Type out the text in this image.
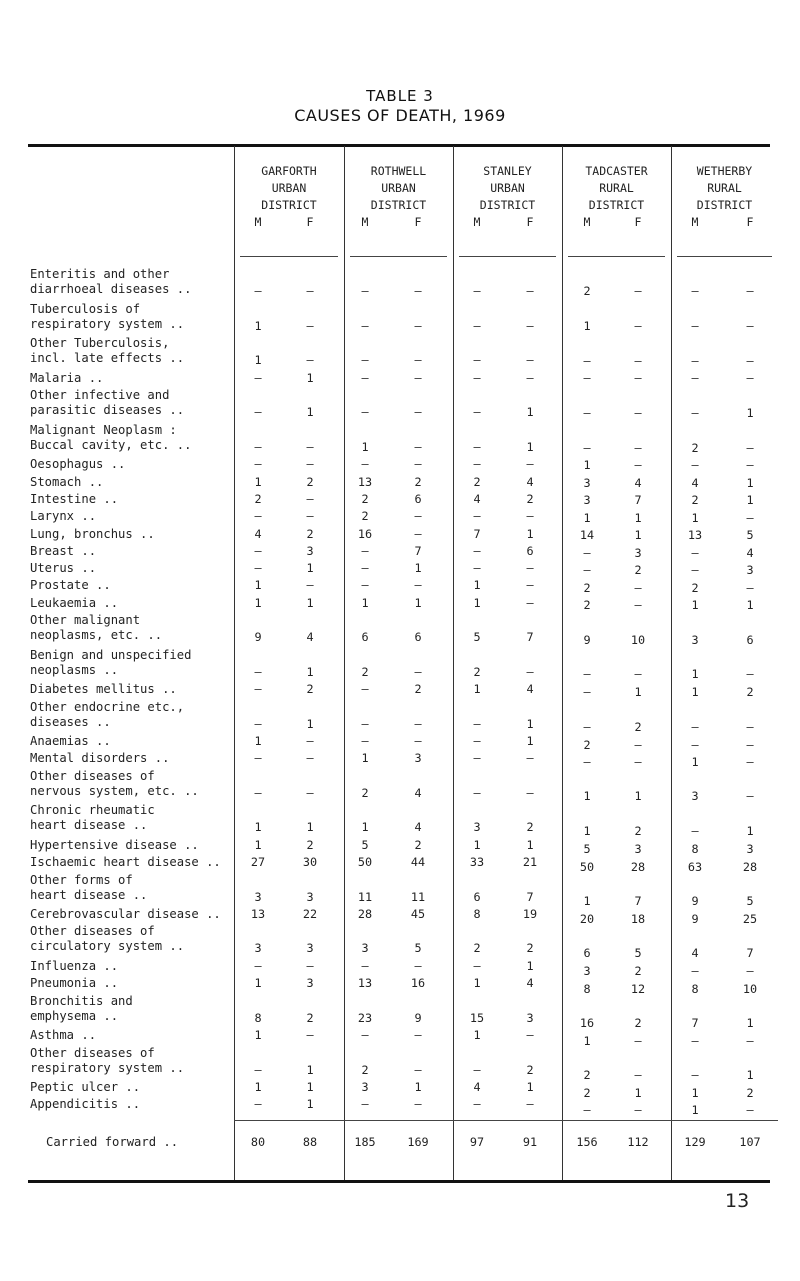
TABLE 3
CAUSES OF DEATH, 1969
GARFORTH
URBAN
DISTRICT
M	F
ROTHWELL
URBAN
DISTRICT
M	F
STANLEY
URBAN
DISTRICT
M	F
TADCASTER
RURAL
DISTRICT
M	F
WETHERBY
RURAL
DISTRICT
M	F
Enteritis and other
diarrhoeal diseases ..	—	—	—	—	—	—	2	—	—	—
Tuberculosis of
respiratory system ..	1	—	—	—	—	—	1	—	—	—
Other Tuberculosis,
incl. late effects ..	1	—	—	—	—	—	—	—	—	—
Malaria ..	—	1	—	—	—	—	—	—	—	—
Other infective and
parasitic diseases ..	—	1	—	—	—	1	—	—	—	1
Malignant Neoplasm :
Buccal cavity, etc. ..	—	—	1	—	—	1	—	—	2	—
Oesophagus ..	—	—	—	—	—	—	1	—	—	—
Stomach ..	1	2	13	2	2	4	3	4	4	1
Intestine ..	2	—	2	6	4	2	3	7	2	1
Larynx ..	—	—	2	—	—	—	1	1	1	—
Lung, bronchus ..	4	2	16	—	7	1	14	1	13	5
Breast ..	—	3	—	7	—	6	—	3	—	4
Uterus ..	—	1	—	1	—	—	—	2	—	3
Prostate ..	1	—	—	—	1	—	2	—	2	—
Leukaemia ..	1	1	1	1	1	—	2	—	1	1
Other malignant
neoplasms, etc. ..	9	4	6	6	5	7	9	10	3	6
Benign and unspecified
neoplasms ..	—	1	2	—	2	—	—	—	1	—
Diabetes mellitus ..	—	2	—	2	1	4	—	1	1	2
Other endocrine etc.,
diseases ..	—	1	—	—	—	1	—	2	—	—
Anaemias ..	1	—	—	—	—	1	2	—	—	—
Mental disorders ..	—	—	1	3	—	—	—	—	1	—
Other diseases of
nervous system, etc. ..	—	—	2	4	—	—	1	1	3	—
Chronic rheumatic
heart disease ..	1	1	1	4	3	2	1	2	—	1
Hypertensive disease ..	1	2	5	2	1	1	5	3	8	3
Ischaemic heart disease ..	27	30	50	44	33	21	50	28	63	28
Other forms of
heart disease ..	3	3	11	11	6	7	1	7	9	5
Cerebrovascular disease ..	13	22	28	45	8	19	20	18	9	25
Other diseases of
circulatory system ..	3	3	3	5	2	2	6	5	4	7
Influenza ..	—	—	—	—	—	1	3	2	—	—
Pneumonia ..	1	3	13	16	1	4	8	12	8	10
Bronchitis and
emphysema ..	8	2	23	9	15	3	16	2	7	1
Asthma ..	1	—	—	—	1	—	1	—	—	—
Other diseases of
respiratory system ..	—	1	2	—	—	2	2	—	—	1
Peptic ulcer ..	1	1	3	1	4	1	2	1	1	2
Appendicitis ..	—	1	—	—	—	—	—	—	1	—
Carried forward ..	80	88	185	169	97	91	156	112	129	107
13
